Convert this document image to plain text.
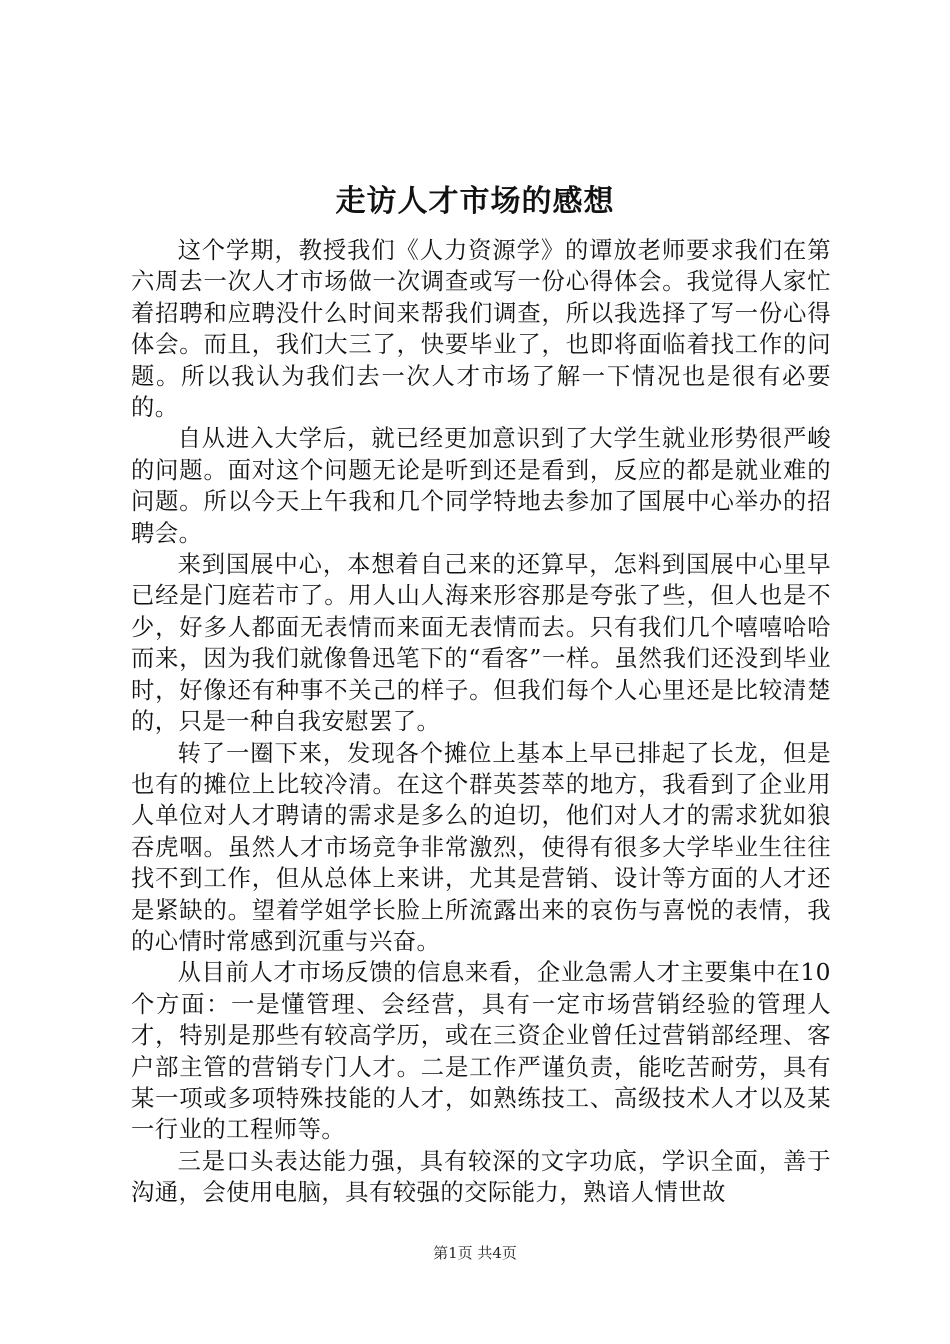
走访人才市场的感想

这个学期，教授我们《人力资源学》的谭放老师要求我们在第六周去一次人才市场做一次调查或写一份心得体会。我觉得人家忙着招聘和应聘没什么时间来帮我们调查，所以我选择了写一份心得体会。而且，我们大三了，快要毕业了，也即将面临着找工作的问题。所以我认为我们去一次人才市场了解一下情况也是很有必要的。

自从进入大学后，就已经更加意识到了大学生就业形势很严峻的问题。面对这个问题无论是听到还是看到，反应的都是就业难的问题。所以今天上午我和几个同学特地去参加了国展中心举办的招聘会。

来到国展中心，本想着自己来的还算早，怎料到国展中心里早已经是门庭若市了。用人山人海来形容那是夸张了些，但人也是不少，好多人都面无表情而来面无表情而去。只有我们几个嘻嘻哈哈而来，因为我们就像鲁迅笔下的“看客”一样。虽然我们还没到毕业时，好像还有种事不关己的样子。但我们每个人心里还是比较清楚的，只是一种自我安慰罢了。

转了一圈下来，发现各个摊位上基本上早已排起了长龙，但是也有的摊位上比较冷清。在这个群英荟萃的地方，我看到了企业用人单位对人才聘请的需求是多么的迫切，他们对人才的需求犹如狼吞虎咽。虽然人才市场竞争非常激烈，使得有很多大学毕业生往往找不到工作，但从总体上来讲，尤其是营销、设计等方面的人才还是紧缺的。望着学姐学长脸上所流露出来的哀伤与喜悦的表情，我的心情时常感到沉重与兴奋。

从目前人才市场反馈的信息来看，企业急需人才主要集中在10个方面：一是懂管理、会经营，具有一定市场营销经验的管理人才，特别是那些有较高学历，或在三资企业曾任过营销部经理、客户部主管的营销专门人才。二是工作严谨负责，能吃苦耐劳，具有某一项或多项特殊技能的人才，如熟练技工、高级技术人才以及某一行业的工程师等。

三是口头表达能力强，具有较深的文字功底，学识全面，善于沟通，会使用电脑，具有较强的交际能力，熟谙人情世故

第1页 共4页
